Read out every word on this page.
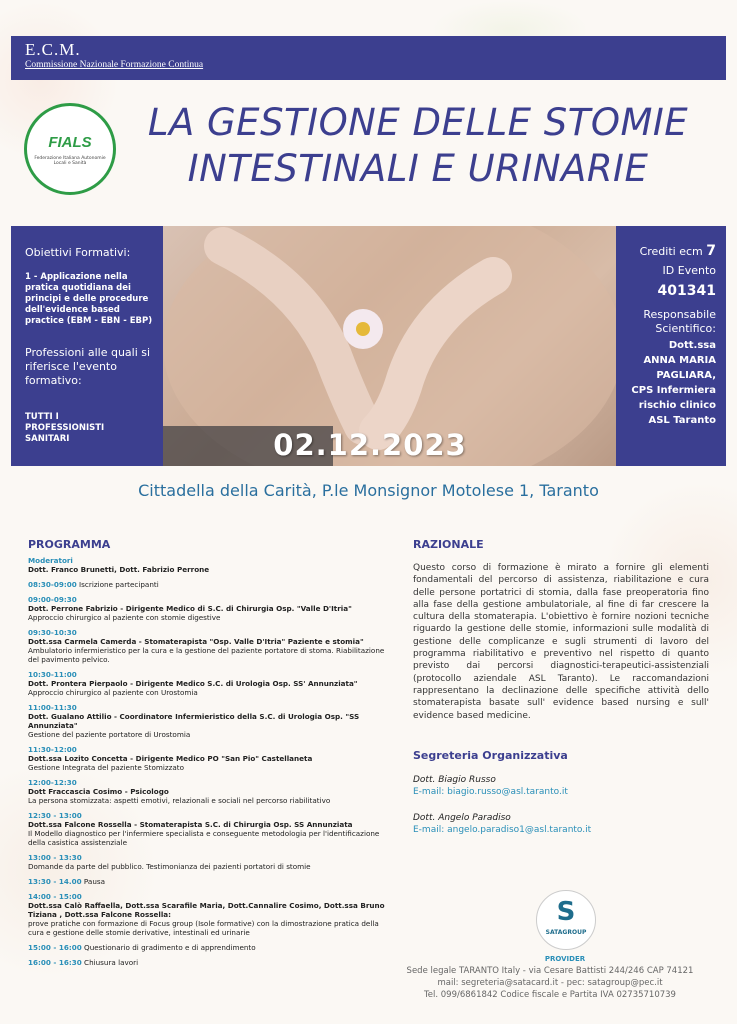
E.C.M.
Commissione Nazionale Formazione Continua
FIALS
Federazione Italiana Autonomie Locali e Sanità
LA GESTIONE DELLE STOMIE
INTESTINALI E URINARIE
Obiettivi Formativi:
1 - Applicazione nella pratica quotidiana dei principi e delle procedure dell'evidence based practice (EBM - EBN - EBP)
Professioni alle quali si riferisce l'evento formativo:
TUTTI I PROFESSIONISTI SANITARI
Crediti ecm 7
ID Evento
401341
Responsabile Scientifico:
Dott.ssa
ANNA MARIA
PAGLIARA,
CPS Infermiera
rischio clinico
ASL Taranto
02.12.2023
Cittadella della Carità, P.le Monsignor Motolese 1, Taranto
PROGRAMMA
Moderatori
Dott. Franco Brunetti, Dott. Fabrizio Perrone
08:30-09:00 Iscrizione partecipanti
09:00-09:30
Dott. Perrone Fabrizio - Dirigente Medico di S.C. di Chirurgia Osp. "Valle D'Itria"
Approccio chirurgico al paziente con stomie digestive
09:30-10:30
Dott.ssa Carmela Camerda - Stomaterapista "Osp. Valle D'Itria" Paziente e stomia"
Ambulatorio infermieristico per la cura e la gestione del paziente portatore di stoma. Riabilitazione del pavimento pelvico.
10:30-11:00
Dott. Prontera Pierpaolo - Dirigente Medico S.C. di Urologia Osp. SS' Annunziata"
Approccio chirurgico al paziente con Urostomia
11:00-11:30
Dott. Gualano Attilio - Coordinatore Infermieristico della S.C. di Urologia Osp. "SS Annunziata"
Gestione del paziente portatore di Urostomia
11:30-12:00
Dott.ssa Lozito Concetta - Dirigente Medico PO "San Pio" Castellaneta
Gestione Integrata del paziente Stomizzato
12:00-12:30
Dott Fraccascia Cosimo - Psicologo
La persona stomizzata: aspetti emotivi, relazionali e sociali nel percorso riabilitativo
12:30 - 13:00
Dott.ssa Falcone Rossella - Stomaterapista S.C. di Chirurgia Osp. SS Annunziata
Il Modello diagnostico per l'infermiere specialista e conseguente metodologia per l'identificazione della casistica assistenziale
13:00 - 13:30
Domande da parte del pubblico. Testimonianza dei pazienti portatori di stomie
13:30 - 14.00 Pausa
14:00 - 15:00
Dott.ssa Calò Raffaella, Dott.ssa Scarafile Maria, Dott.Cannalire Cosimo, Dott.ssa Bruno Tiziana , Dott.ssa Falcone Rossella:
prove pratiche con formazione di Focus group (Isole formative) con la dimostrazione pratica della cura e gestione delle stomie derivative, intestinali ed urinarie
15:00 - 16:00 Questionario di gradimento e di apprendimento
16:00 - 16:30 Chiusura lavori
RAZIONALE
Questo corso di formazione è mirato a fornire gli elementi fondamentali del percorso di assistenza, riabilitazione e cura delle persone portatrici di stomia, dalla fase preoperatoria fino alla fase della gestione ambulatoriale, al fine di far crescere la cultura della stomaterapia. L'obiettivo è fornire nozioni tecniche riguardo la gestione delle stomie, informazioni sulle modalità di gestione delle complicanze e sugli strumenti di lavoro del programma riabilitativo e preventivo nel rispetto di quanto previsto dai percorsi diagnostici-terapeutici-assistenziali (protocollo aziendale ASL Taranto). Le raccomandazioni rappresentano la declinazione delle specifiche attività dello stomaterapista basate sull' evidence based nursing e sull' evidence based medicine.
Segreteria Organizzativa
Dott. Biagio Russo
E-mail: biagio.russo@asl.taranto.it
Dott. Angelo Paradiso
E-mail: angelo.paradiso1@asl.taranto.it
S
SATAGROUP
PROVIDER
Sede legale TARANTO Italy - via Cesare Battisti 244/246 CAP 74121
mail: segreteria@satacard.it - pec: satagroup@pec.it
Tel. 099/6861842 Codice fiscale e Partita IVA 02735710739
